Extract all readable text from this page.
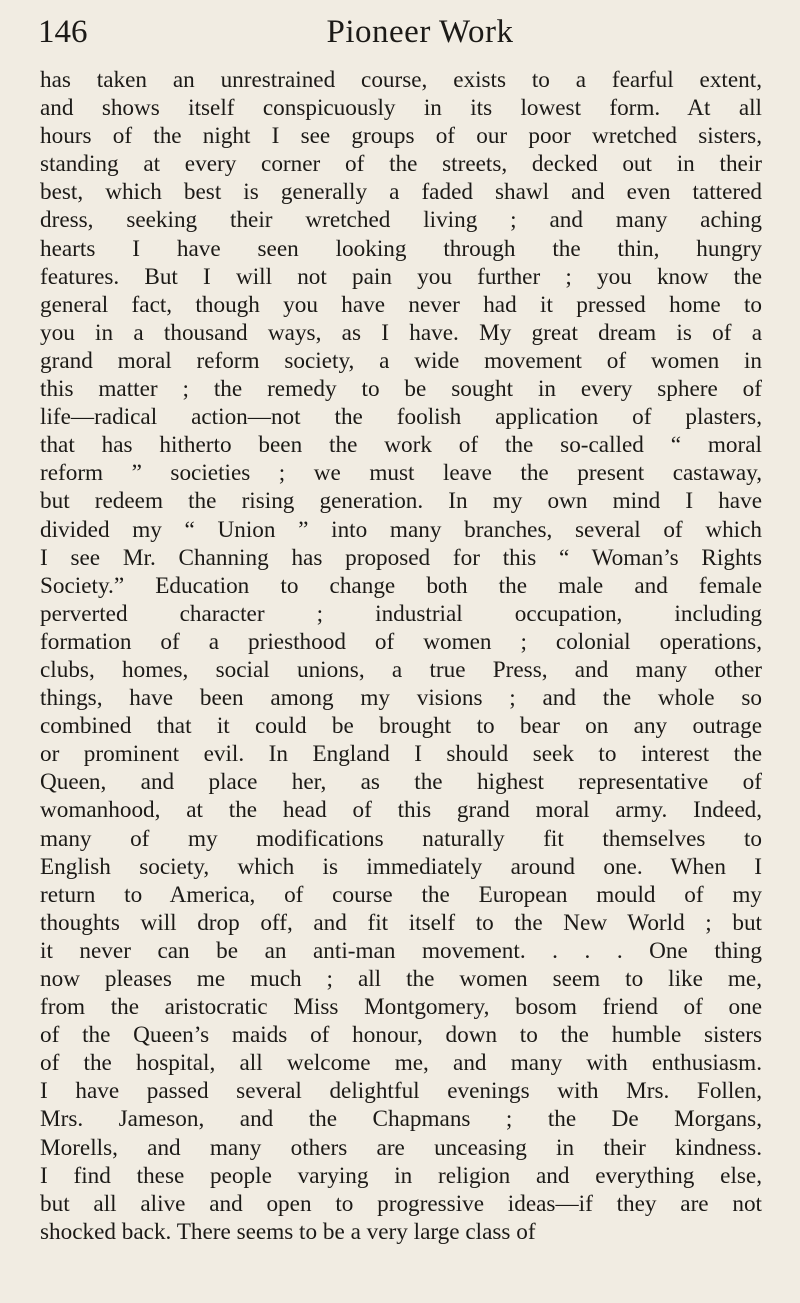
146	Pioneer Work
has taken an unrestrained course, exists to a fearful extent,
and shows itself conspicuously in its lowest form. At all
hours of the night I see groups of our poor wretched sisters,
standing at every corner of the streets, decked out in their
best, which best is generally a faded shawl and even tattered
dress, seeking their wretched living ; and many aching
hearts I have seen looking through the thin, hungry
features. But I will not pain you further ; you know the
general fact, though you have never had it pressed home to
you in a thousand ways, as I have. My great dream is of a
grand moral reform society, a wide movement of women in
this matter ; the remedy to be sought in every sphere of
life—radical action—not the foolish application of plasters,
that has hitherto been the work of the so-called “ moral
reform ” societies ; we must leave the present castaway,
but redeem the rising generation. In my own mind I have
divided my “ Union ” into many branches, several of which
I see Mr. Channing has proposed for this “ Woman’s Rights
Society.” Education to change both the male and female
perverted character ; industrial occupation, including
formation of a priesthood of women ; colonial operations,
clubs, homes, social unions, a true Press, and many other
things, have been among my visions ; and the whole so
combined that it could be brought to bear on any outrage
or prominent evil. In England I should seek to interest the
Queen, and place her, as the highest representative of
womanhood, at the head of this grand moral army. Indeed,
many of my modifications naturally fit themselves to
English society, which is immediately around one. When I
return to America, of course the European mould of my
thoughts will drop off, and fit itself to the New World ; but
it never can be an anti-man movement. . . . One thing
now pleases me much ; all the women seem to like me,
from the aristocratic Miss Montgomery, bosom friend of one
of the Queen’s maids of honour, down to the humble sisters
of the hospital, all welcome me, and many with enthusiasm.
I have passed several delightful evenings with Mrs. Follen,
Mrs. Jameson, and the Chapmans ; the De Morgans,
Morells, and many others are unceasing in their kindness.
I find these people varying in religion and everything else,
but all alive and open to progressive ideas—if they are not
shocked back. There seems to be a very large class of
